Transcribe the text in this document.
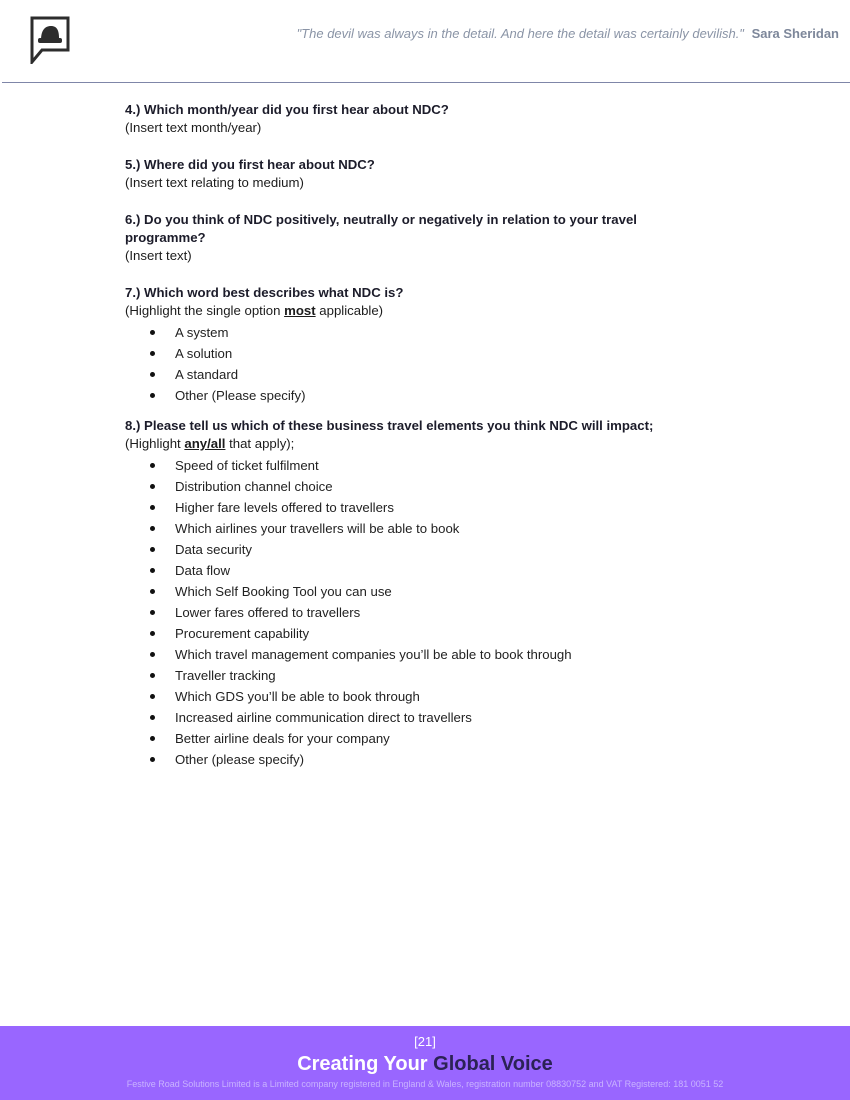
"The devil was always in the detail. And here the detail was certainly devilish." Sara Sheridan
4.) Which month/year did you first hear about NDC?
(Insert text month/year)
5.) Where did you first hear about NDC?
(Insert text relating to medium)
6.) Do you think of NDC positively, neutrally or negatively in relation to your travel programme?
(Insert text)
7.) Which word best describes what NDC is?
(Highlight the single option most applicable)
A system
A solution
A standard
Other (Please specify)
8.) Please tell us which of these business travel elements you think NDC will impact;
(Highlight any/all that apply);
Speed of ticket fulfilment
Distribution channel choice
Higher fare levels offered to travellers
Which airlines your travellers will be able to book
Data security
Data flow
Which Self Booking Tool you can use
Lower fares offered to travellers
Procurement capability
Which travel management companies you’ll be able to book through
Traveller tracking
Which GDS you’ll be able to book through
Increased airline communication direct to travellers
Better airline deals for your company
Other (please specify)
[21]
Creating Your Global Voice
Festive Road Solutions Limited is a Limited company registered in England & Wales, registration number 08830752 and VAT Registered: 181 0051 52
